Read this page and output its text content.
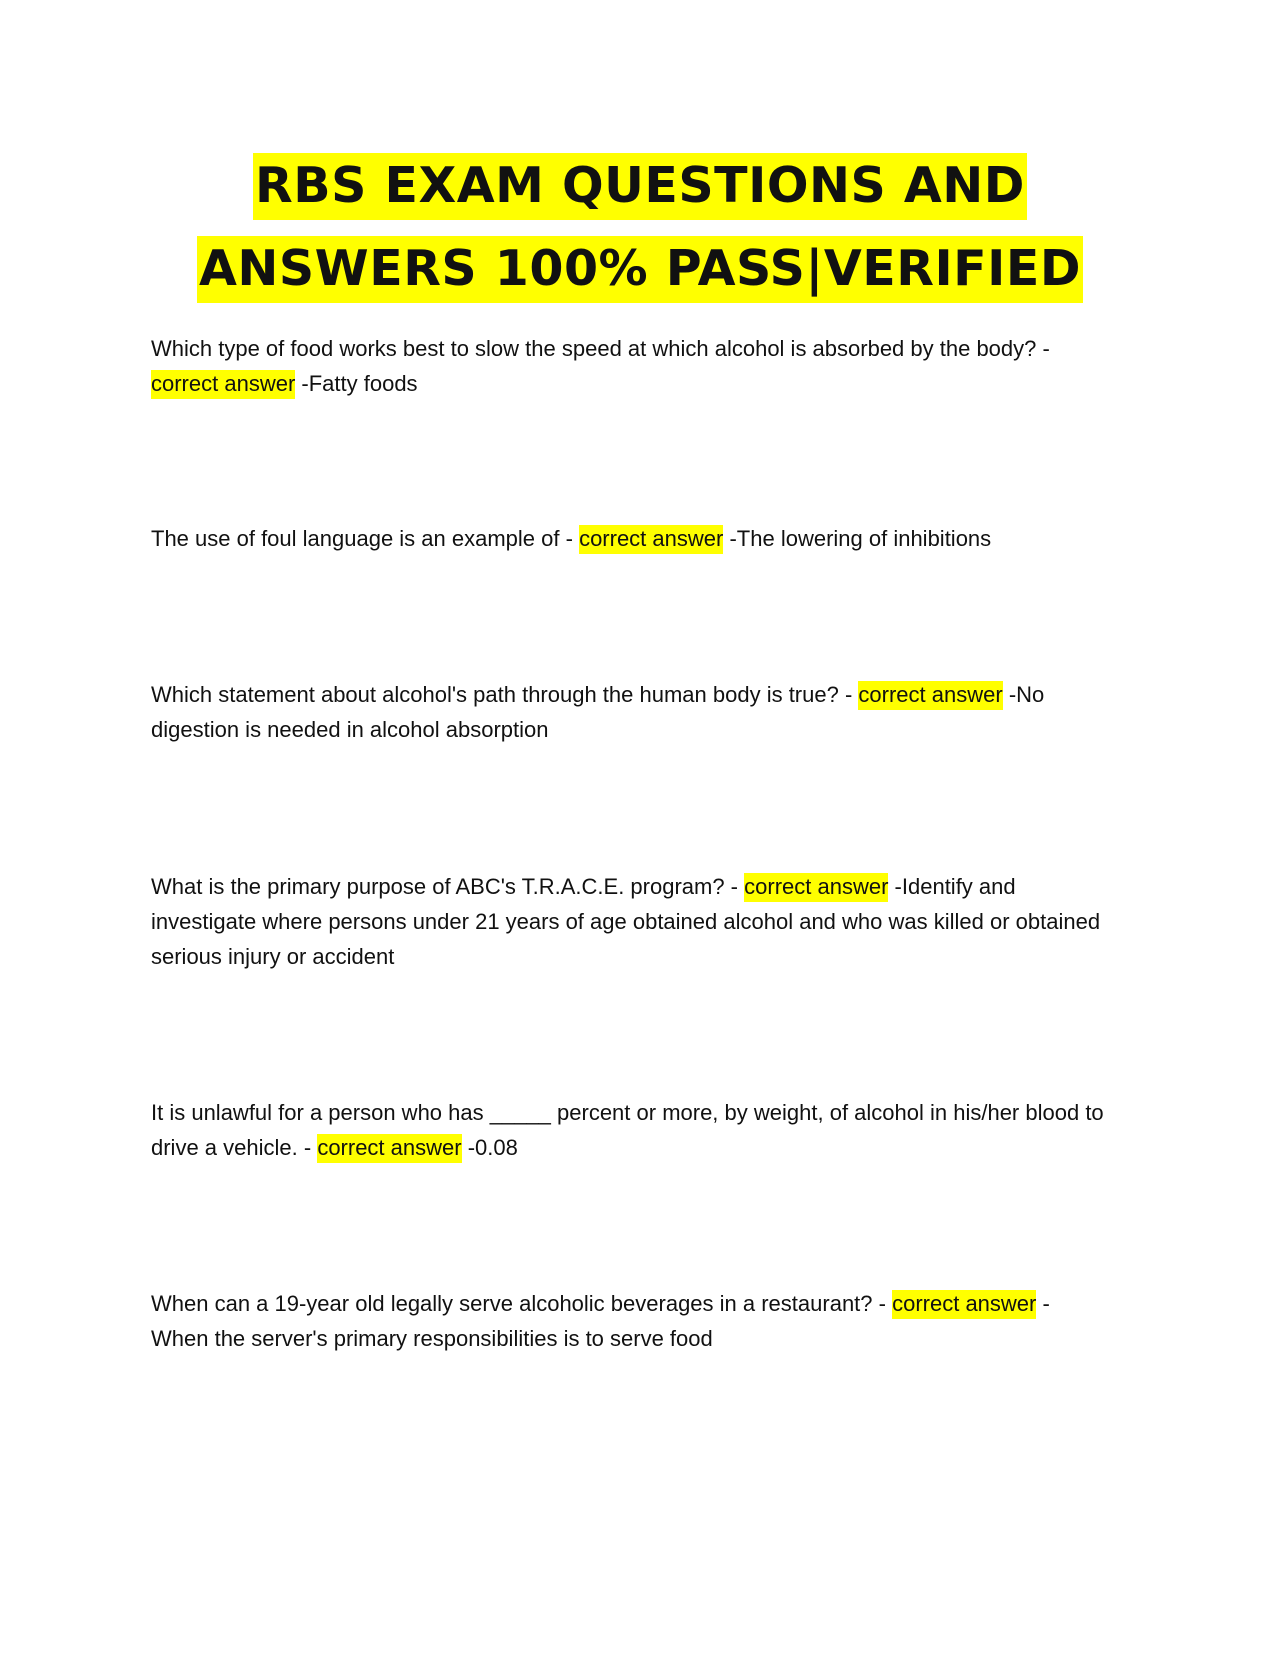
RBS EXAM QUESTIONS AND
ANSWERS 100% PASS|VERIFIED
Which type of food works best to slow the speed at which alcohol is absorbed by the body? -
correct answer -Fatty foods
The use of foul language is an example of - correct answer -The lowering of inhibitions
Which statement about alcohol's path through the human body is true? - correct answer -No digestion is needed in alcohol absorption
What is the primary purpose of ABC's T.R.A.C.E. program? - correct answer -Identify and investigate where persons under 21 years of age obtained alcohol and who was killed or obtained serious injury or accident
It is unlawful for a person who has _____ percent or more, by weight, of alcohol in his/her blood to drive a vehicle. - correct answer -0.08
When can a 19-year old legally serve alcoholic beverages in a restaurant? - correct answer - When the server's primary responsibilities is to serve food
